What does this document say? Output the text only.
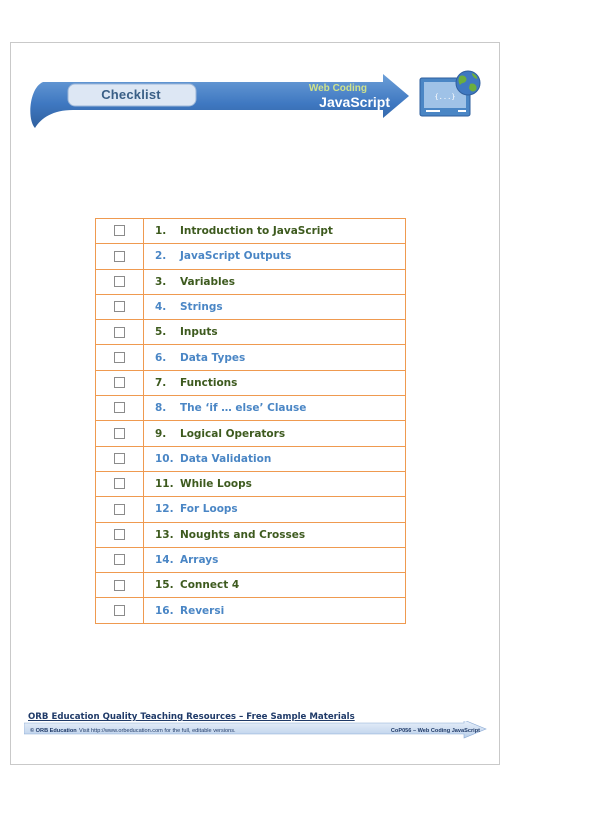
Checklist	Web Coding
JavaScript	{...}
	1. Introduction to JavaScript
	2. JavaScript Outputs
	3. Variables
	4. Strings
	5. Inputs
	6. Data Types
	7. Functions
	8. The ‘if … else’ Clause
	9. Logical Operators
	10. Data Validation
	11. While Loops
	12. For Loops
	13. Noughts and Crosses
	14. Arrays
	15. Connect 4
	16. Reversi
ORB Education Quality Teaching Resources – Free Sample Materials
© ORB Education Visit http://www.orbeducation.com for the full, editable versions.	CoP056 – Web Coding JavaScript
